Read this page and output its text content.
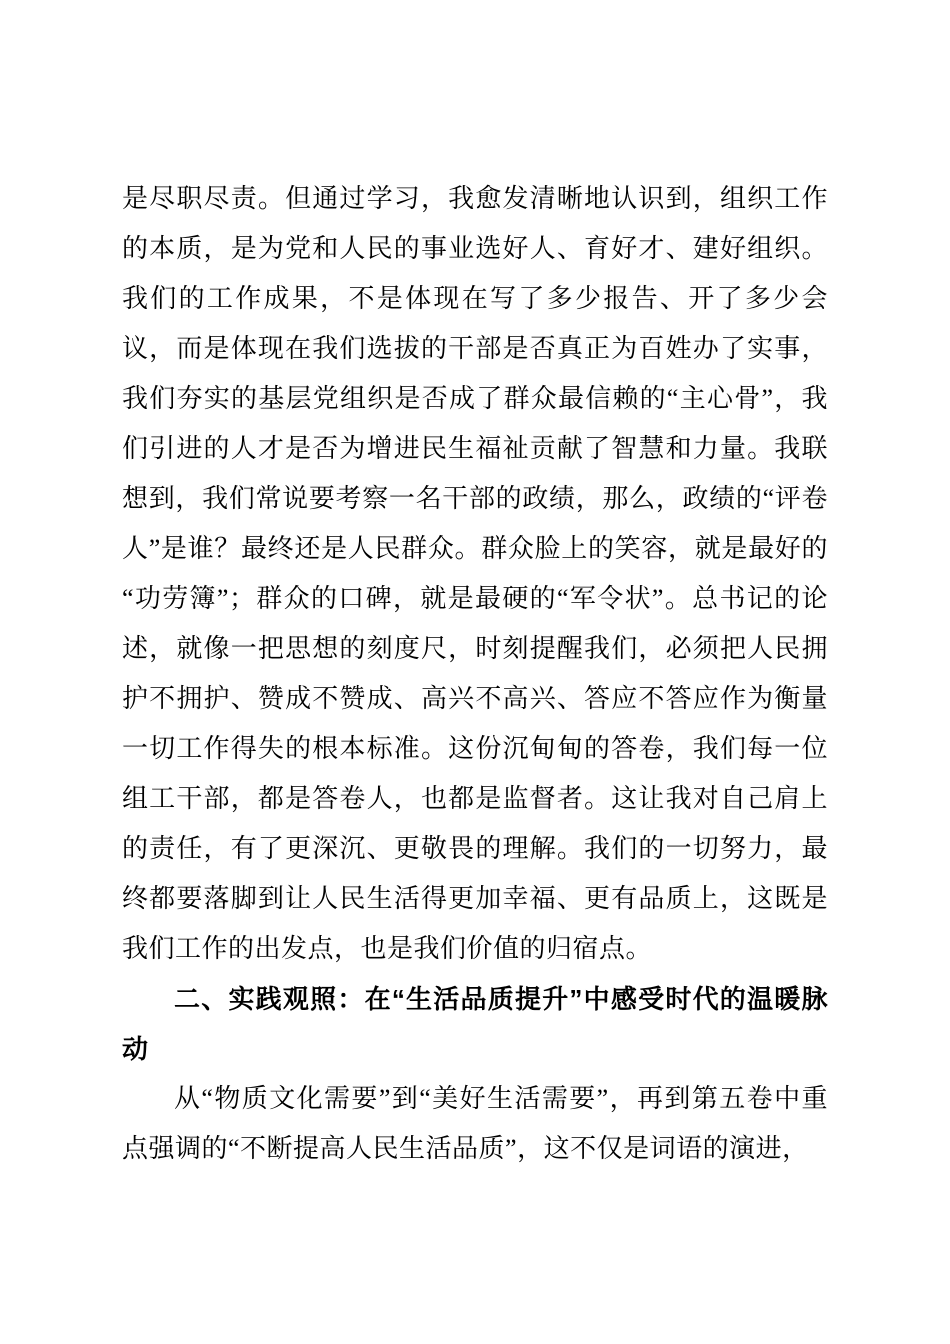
是尽职尽责。但通过学习，我愈发清晰地认识到，组织工作的本质，是为党和人民的事业选好人、育好才、建好组织。我们的工作成果，不是体现在写了多少报告、开了多少会议，而是体现在我们选拔的干部是否真正为百姓办了实事，我们夯实的基层党组织是否成了群众最信赖的“主心骨”，我们引进的人才是否为增进民生福祉贡献了智慧和力量。我联想到，我们常说要考察一名干部的政绩，那么，政绩的“评卷人”是谁？最终还是人民群众。群众脸上的笑容，就是最好的“功劳簿”；群众的口碑，就是最硬的“军令状”。总书记的论述，就像一把思想的刻度尺，时刻提醒我们，必须把人民拥护不拥护、赞成不赞成、高兴不高兴、答应不答应作为衡量一切工作得失的根本标准。这份沉甸甸的答卷，我们每一位组工干部，都是答卷人，也都是监督者。这让我对自己肩上的责任，有了更深沉、更敬畏的理解。我们的一切努力，最终都要落脚到让人民生活得更加幸福、更有品质上，这既是我们工作的出发点，也是我们价值的归宿点。

二、实践观照：在“生活品质提升”中感受时代的温暖脉动

从“物质文化需要”到“美好生活需要”，再到第五卷中重点强调的“不断提高人民生活品质”，这不仅是词语的演进，
